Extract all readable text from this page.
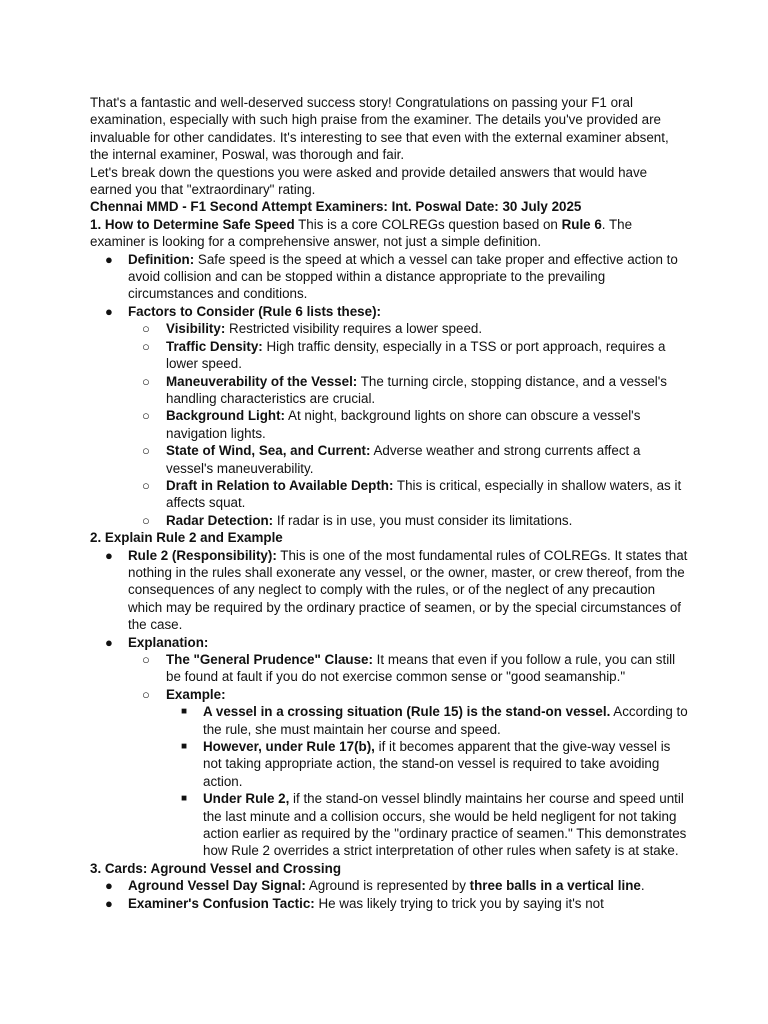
That's a fantastic and well-deserved success story! Congratulations on passing your F1 oral examination, especially with such high praise from the examiner. The details you've provided are invaluable for other candidates. It's interesting to see that even with the external examiner absent, the internal examiner, Poswal, was thorough and fair.

Let's break down the questions you were asked and provide detailed answers that would have earned you that "extraordinary" rating.

Chennai MMD - F1 Second Attempt Examiners: Int. Poswal Date: 30 July 2025

1. How to Determine Safe Speed This is a core COLREGs question based on Rule 6. The examiner is looking for a comprehensive answer, not just a simple definition.

● Definition: Safe speed is the speed at which a vessel can take proper and effective action to avoid collision and can be stopped within a distance appropriate to the prevailing circumstances and conditions.
● Factors to Consider (Rule 6 lists these):
○ Visibility: Restricted visibility requires a lower speed.
○ Traffic Density: High traffic density, especially in a TSS or port approach, requires a lower speed.
○ Maneuverability of the Vessel: The turning circle, stopping distance, and a vessel's handling characteristics are crucial.
○ Background Light: At night, background lights on shore can obscure a vessel's navigation lights.
○ State of Wind, Sea, and Current: Adverse weather and strong currents affect a vessel's maneuverability.
○ Draft in Relation to Available Depth: This is critical, especially in shallow waters, as it affects squat.
○ Radar Detection: If radar is in use, you must consider its limitations.

2. Explain Rule 2 and Example

● Rule 2 (Responsibility): This is one of the most fundamental rules of COLREGs. It states that nothing in the rules shall exonerate any vessel, or the owner, master, or crew thereof, from the consequences of any neglect to comply with the rules, or of the neglect of any precaution which may be required by the ordinary practice of seamen, or by the special circumstances of the case.
● Explanation:
○ The "General Prudence" Clause: It means that even if you follow a rule, you can still be found at fault if you do not exercise common sense or "good seamanship."
○ Example:
■ A vessel in a crossing situation (Rule 15) is the stand-on vessel. According to the rule, she must maintain her course and speed.
■ However, under Rule 17(b), if it becomes apparent that the give-way vessel is not taking appropriate action, the stand-on vessel is required to take avoiding action.
■ Under Rule 2, if the stand-on vessel blindly maintains her course and speed until the last minute and a collision occurs, she would be held negligent for not taking action earlier as required by the "ordinary practice of seamen." This demonstrates how Rule 2 overrides a strict interpretation of other rules when safety is at stake.

3. Cards: Aground Vessel and Crossing

● Aground Vessel Day Signal: Aground is represented by three balls in a vertical line.
● Examiner's Confusion Tactic: He was likely trying to trick you by saying it's not
